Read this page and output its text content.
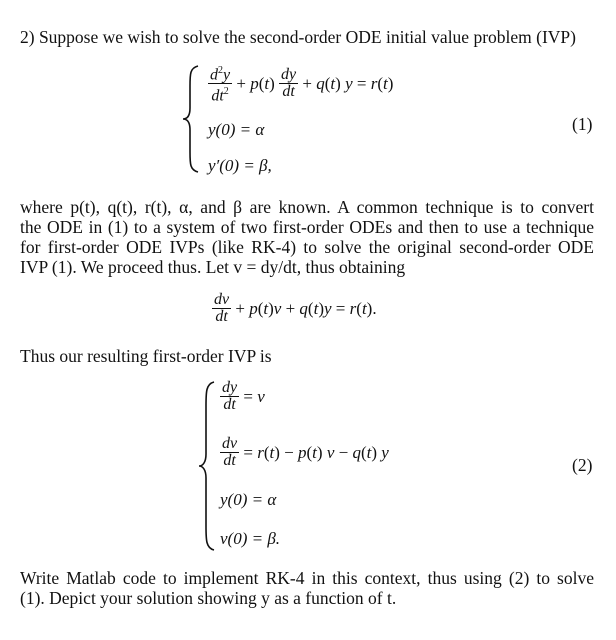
2) Suppose we wish to solve the second-order ODE initial value problem (IVP)
$\frac{d^2y}{dt^2} + p(t) \frac{dy}{dt} + q(t) y = r(t)$
y(0) = α
y′(0) = β,
(1)
where p(t), q(t), r(t), α, and β are known. A common technique is to convert
the ODE in (1) to a system of two first-order ODEs and then to use a technique
for first-order ODE IVPs (like RK-4) to solve the original second-order ODE
IVP (1). We proceed thus. Let v = dy/dt, thus obtaining
$\frac{dv}{dt} + p(t)v + q(t)y = r(t)$.
Thus our resulting first-order IVP is
$\frac{dy}{dt} = v$
$\frac{dv}{dt} = r(t) - p(t) v - q(t)$ y
y(0) = α
v(0) = β.
(2)
Write Matlab code to implement RK-4 in this context, thus using (2) to solve
(1). Depict your solution showing y as a function of t.
